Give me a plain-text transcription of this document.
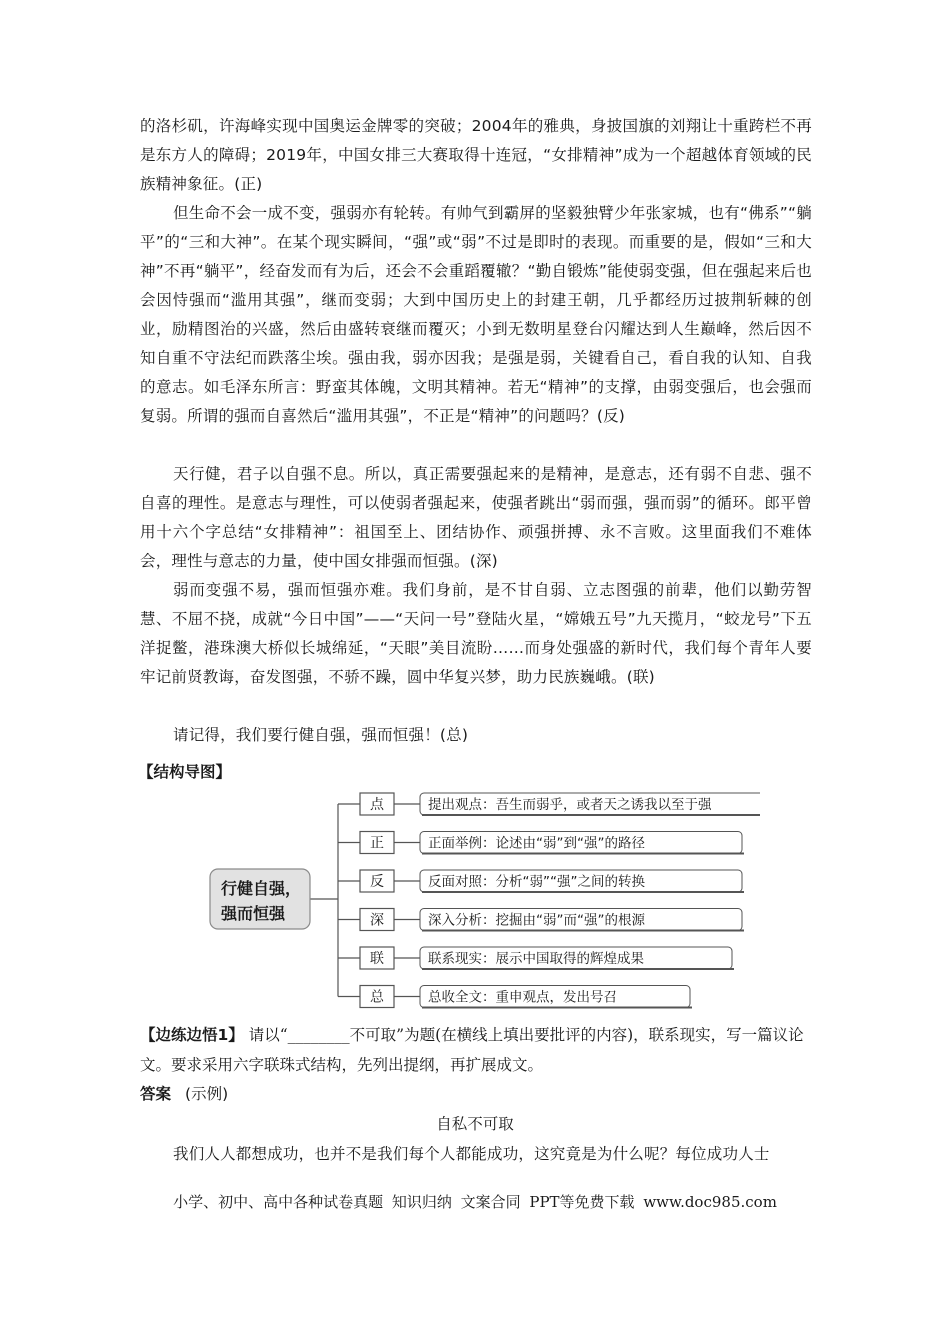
的洛杉矶，许海峰实现中国奥运金牌零的突破；2004年的雅典，身披国旗的刘翔让十重跨栏不再是东方人的障碍；2019年，中国女排三大赛取得十连冠，“女排精神”成为一个超越体育领域的民族精神象征。(正)

但生命不会一成不变，强弱亦有轮转。有帅气到霸屏的坚毅独臂少年张家城，也有“佛系”“躺平”的“三和大神”。在某个现实瞬间，“强”或“弱”不过是即时的表现。而重要的是，假如“三和大神”不再“躺平”，经奋发而有为后，还会不会重蹈覆辙？“勤自锻炼”能使弱变强，但在强起来后也会因恃强而“滥用其强”，继而变弱；大到中国历史上的封建王朝，几乎都经历过披荆斩棘的创业，励精图治的兴盛，然后由盛转衰继而覆灭；小到无数明星登台闪耀达到人生巅峰，然后因不知自重不守法纪而跌落尘埃。强由我，弱亦因我；是强是弱，关键看自己，看自我的认知、自我的意志。如毛泽东所言：野蛮其体魄，文明其精神。若无“精神”的支撑，由弱变强后，也会强而复弱。所谓的强而自喜然后“滥用其强”，不正是“精神”的问题吗？(反)

天行健，君子以自强不息。所以，真正需要强起来的是精神，是意志，还有弱不自悲、强不自喜的理性。是意志与理性，可以使弱者强起来，使强者跳出“弱而强，强而弱”的循环。郎平曾用十六个字总结“女排精神”：祖国至上、团结协作、顽强拼搏、永不言败。这里面我们不难体会，理性与意志的力量，使中国女排强而恒强。(深)

弱而变强不易，强而恒强亦难。我们身前，是不甘自弱、立志图强的前辈，他们以勤劳智慧、不屈不挠，成就“今日中国”——“天问一号”登陆火星，“嫦娥五号”九天揽月，“蛟龙号”下五洋捉鳖，港珠澳大桥似长城绵延，“天眼”美目流盼……而身处强盛的新时代，我们每个青年人要牢记前贤教诲，奋发图强，不骄不躁，圆中华复兴梦，助力民族巍峨。(联)

请记得，我们要行健自强，强而恒强！(总)

【结构导图】

行健自强，
强而恒强
点	提出观点：吾生而弱乎，或者天之诱我以至于强
正	正面举例：论述由“弱”到“强”的路径
反	反面对照：分析“弱”“强”之间的转换
深	深入分析：挖掘由“弱”而“强”的根源
联	联系现实：展示中国取得的辉煌成果
总	总收全文：重申观点，发出号召

【边练边悟1】 请以“________不可取”为题(在横线上填出要批评的内容)，联系现实，写一篇议论文。要求采用六字联珠式结构，先列出提纲，再扩展成文。

答案 (示例)

自私不可取

我们人人都想成功，也并不是我们每个人都能成功，这究竟是为什么呢？每位成功人士

小学、初中、高中各种试卷真题 知识归纳 文案合同 PPT等免费下载 www.doc985.com
